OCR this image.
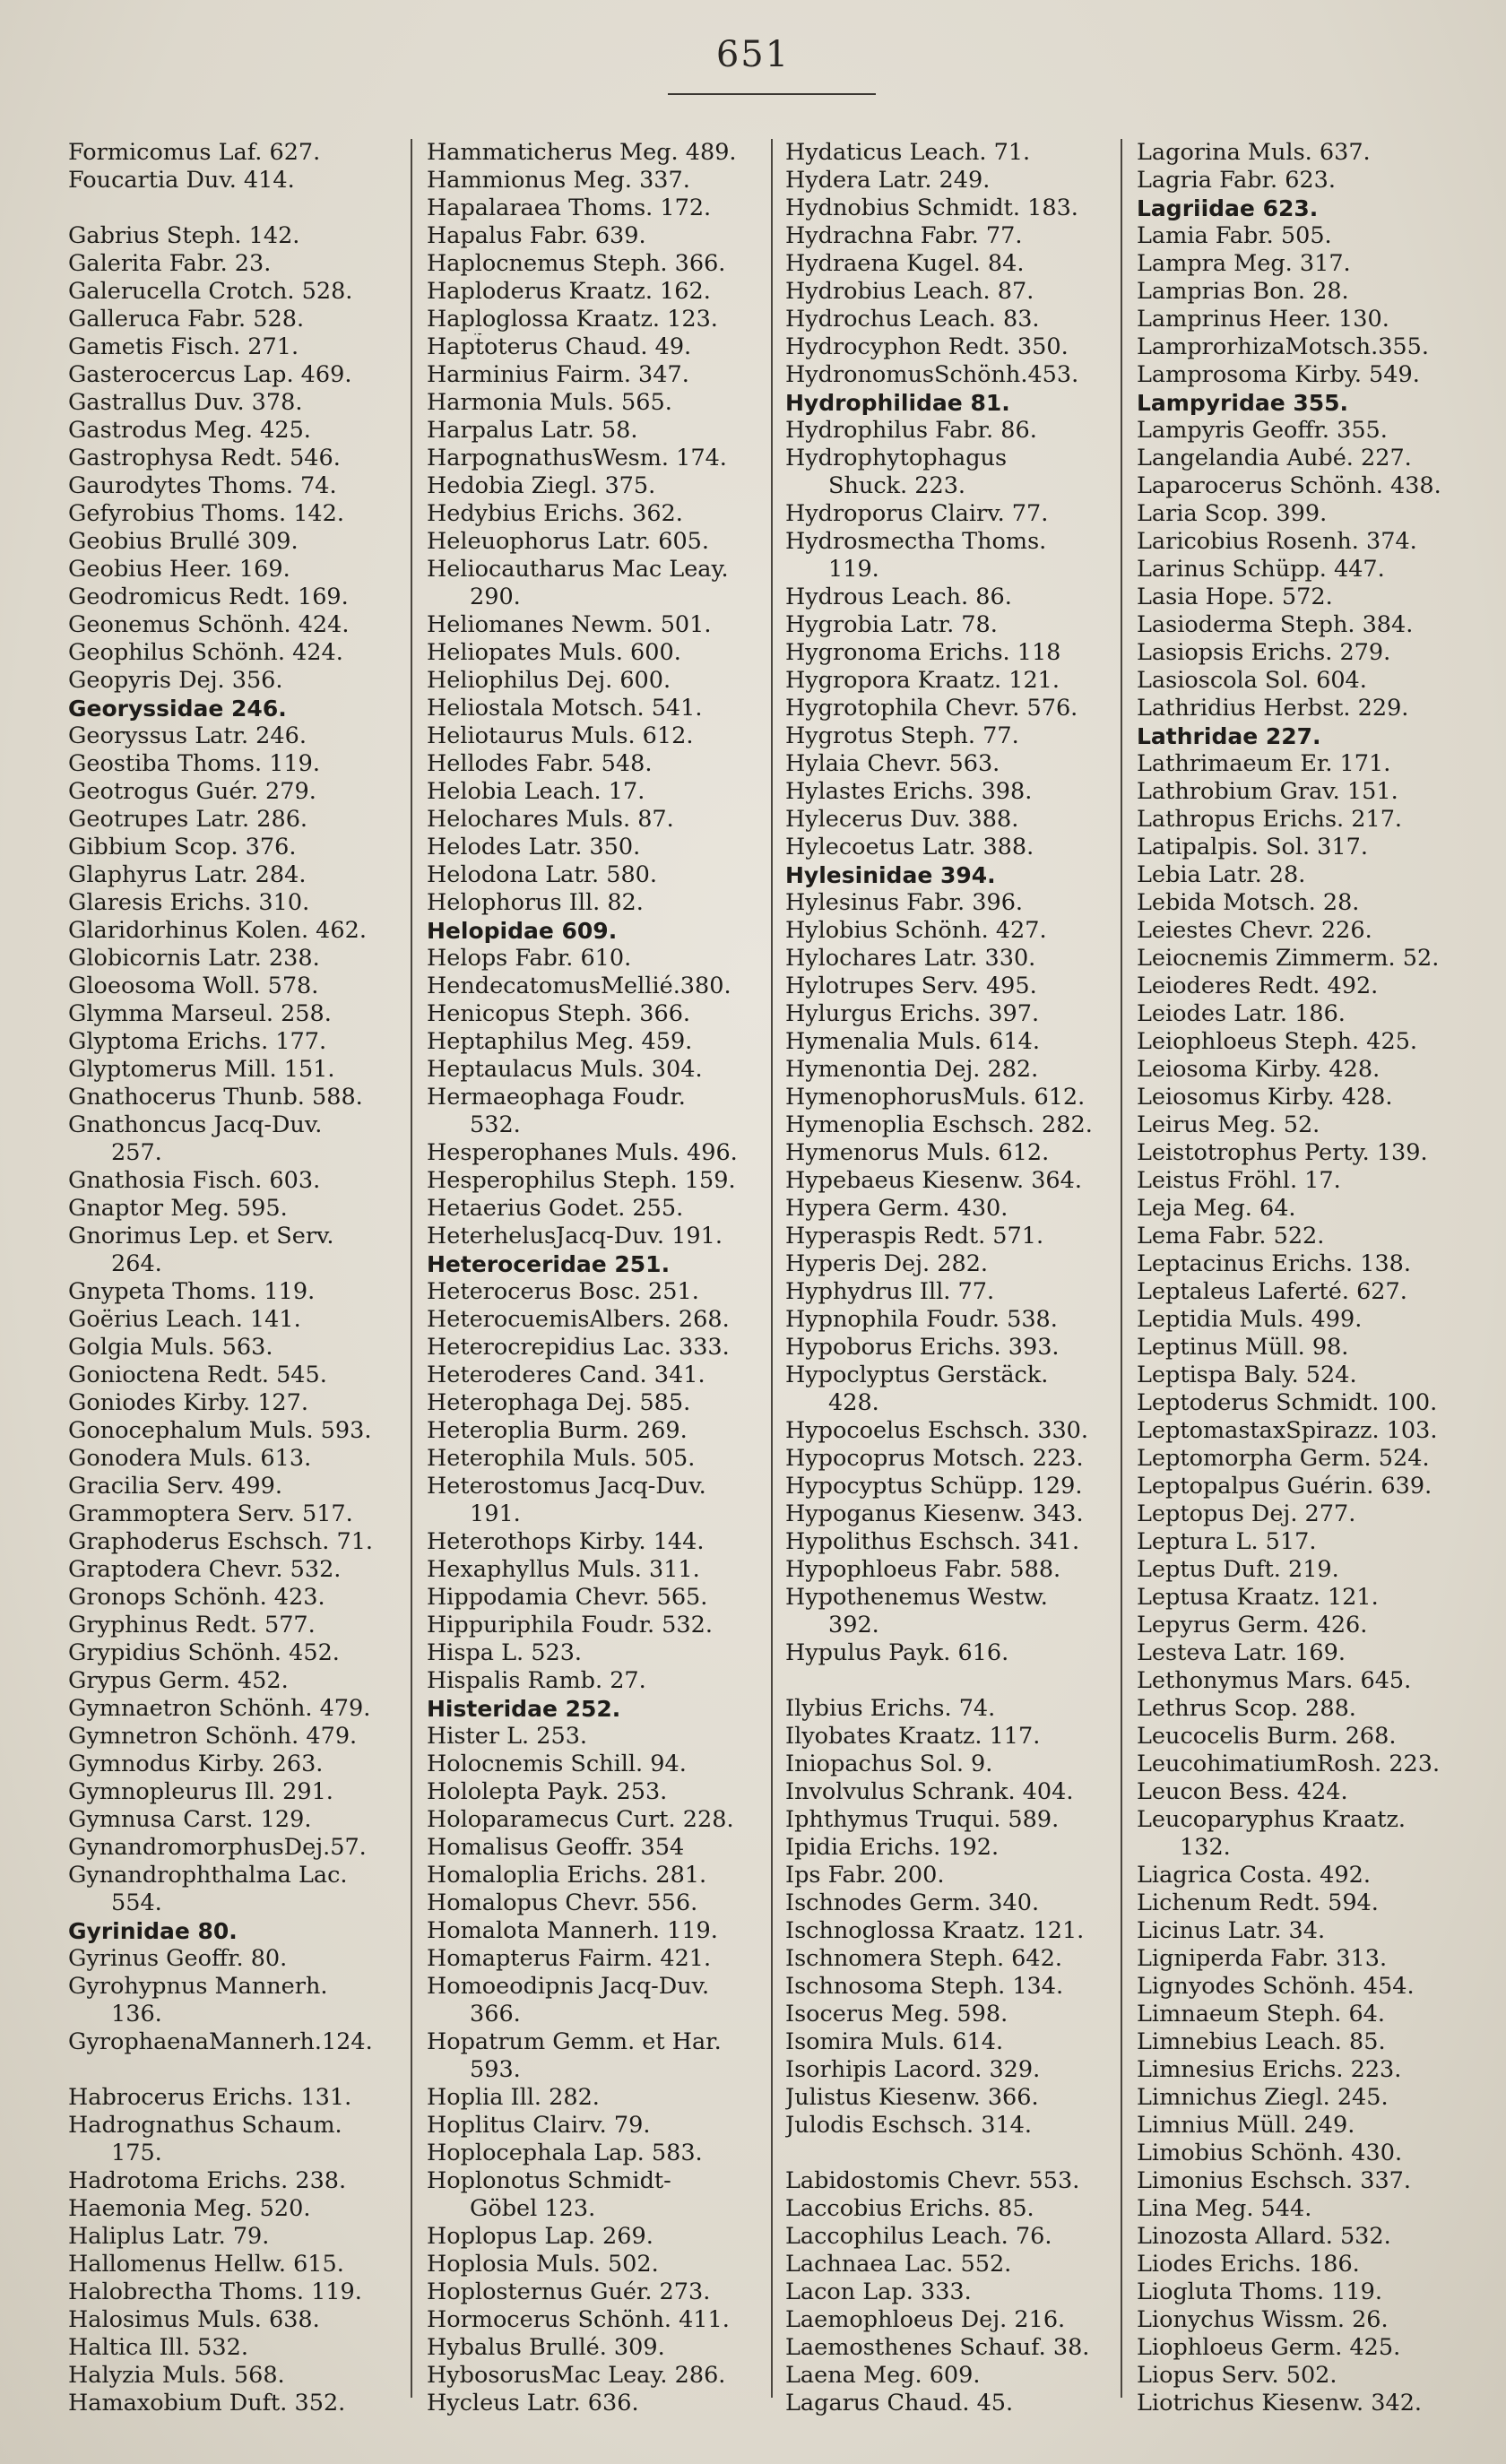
651
Formicomus Laf. 627.
Foucartia Duv. 414.
Gabrius Steph. 142.
Galerita Fabr. 23.
Galerucella Crotch. 528.
Galleruca Fabr. 528.
Gametis Fisch. 271.
Gasterocercus Lap. 469.
Gastrallus Duv. 378.
Gastrodus Meg. 425.
Gastrophysa Redt. 546.
Gaurodytes Thoms. 74.
Gefyrobius Thoms. 142.
Geobius Brullé 309.
Geobius Heer. 169.
Geodromicus Redt. 169.
Geonemus Schönh. 424.
Geophilus Schönh. 424.
Geopyris Dej. 356.
Georyssidae 246.
Georyssus Latr. 246.
Geostiba Thoms. 119.
Geotrogus Guér. 279.
Geotrupes Latr. 286.
Gibbium Scop. 376.
Glaphyrus Latr. 284.
Glaresis Erichs. 310.
Glaridorhinus Kolen. 462.
Globicornis Latr. 238.
Gloeosoma Woll. 578.
Glymma Marseul. 258.
Glyptoma Erichs. 177.
Glyptomerus Mill. 151.
Gnathocerus Thunb. 588.
Gnathoncus Jacq-Duv.
257.
Gnathosia Fisch. 603.
Gnaptor Meg. 595.
Gnorimus Lep. et Serv.
264.
Gnypeta Thoms. 119.
Goërius Leach. 141.
Golgia Muls. 563.
Gonioctena Redt. 545.
Goniodes Kirby. 127.
Gonocephalum Muls. 593.
Gonodera Muls. 613.
Gracilia Serv. 499.
Grammoptera Serv. 517.
Graphoderus Eschsch. 71.
Graptodera Chevr. 532.
Gronops Schönh. 423.
Gryphinus Redt. 577.
Grypidius Schönh. 452.
Grypus Germ. 452.
Gymnaetron Schönh. 479.
Gymnetron Schönh. 479.
Gymnodus Kirby. 263.
Gymnopleurus Ill. 291.
Gymnusa Carst. 129.
GynandromorphusDej.57.
Gynandrophthalma Lac.
554.
Gyrinidae 80.
Gyrinus Geoffr. 80.
Gyrohypnus Mannerh.
136.
GyrophaenaMannerh.124.
Habrocerus Erichs. 131.
Hadrognathus Schaum.
175.
Hadrotoma Erichs. 238.
Haemonia Meg. 520.
Haliplus Latr. 79.
Hallomenus Hellw. 615.
Halobrectha Thoms. 119.
Halosimus Muls. 638.
Haltica Ill. 532.
Halyzia Muls. 568.
Hamaxobium Duft. 352.
Hammaticherus Meg. 489.
Hammionus Meg. 337.
Hapalaraea Thoms. 172.
Hapalus Fabr. 639.
Haplocnemus Steph. 366.
Haploderus Kraatz. 162.
Haploglossa Kraatz. 123.
Hapt̃oterus Chaud. 49.
Harminius Fairm. 347.
Harmonia Muls. 565.
Harpalus Latr. 58.
HarpognathusWesm. 174.
Hedobia Ziegl. 375.
Hedybius Erichs. 362.
Heleuophorus Latr. 605.
Heliocautharus Mac Leay.
290.
Heliomanes Newm. 501.
Heliopates Muls. 600.
Heliophilus Dej. 600.
Heliostala Motsch. 541.
Heliotaurus Muls. 612.
Hellodes Fabr. 548.
Helobia Leach. 17.
Helochares Muls. 87.
Helodes Latr. 350.
Helodona Latr. 580.
Helophorus Ill. 82.
Helopidae 609.
Helops Fabr. 610.
HendecatomusMellié.380.
Henicopus Steph. 366.
Heptaphilus Meg. 459.
Heptaulacus Muls. 304.
Hermaeophaga Foudr.
532.
Hesperophanes Muls. 496.
Hesperophilus Steph. 159.
Hetaerius Godet. 255.
HeterhelusJacq-Duv. 191.
Heteroceridae 251.
Heterocerus Bosc. 251.
HeterocuemisAlbers. 268.
Heterocrepidius Lac. 333.
Heteroderes Cand. 341.
Heterophaga Dej. 585.
Heteroplia Burm. 269.
Heterophila Muls. 505.
Heterostomus Jacq-Duv.
191.
Heterothops Kirby. 144.
Hexaphyllus Muls. 311.
Hippodamia Chevr. 565.
Hippuriphila Foudr. 532.
Hispa L. 523.
Hispalis Ramb. 27.
Histeridae 252.
Hister L. 253.
Holocnemis Schill. 94.
Hololepta Payk. 253.
Holoparamecus Curt. 228.
Homalisus Geoffr. 354
Homaloplia Erichs. 281.
Homalopus Chevr. 556.
Homalota Mannerh. 119.
Homapterus Fairm. 421.
Homoeodipnis Jacq-Duv.
366.
Hopatrum Gemm. et Har.
593.
Hoplia Ill. 282.
Hoplitus Clairv. 79.
Hoplocephala Lap. 583.
Hoplonotus Schmidt-
Göbel 123.
Hoplopus Lap. 269.
Hoplosia Muls. 502.
Hoplosternus Guér. 273.
Hormocerus Schönh. 411.
Hybalus Brullé. 309.
HybosorusMac Leay. 286.
Hycleus Latr. 636.
Hydaticus Leach. 71.
Hydera Latr. 249.
Hydnobius Schmidt. 183.
Hydrachna Fabr. 77.
Hydraena Kugel. 84.
Hydrobius Leach. 87.
Hydrochus Leach. 83.
Hydrocyphon Redt. 350.
HydronomusSchönh.453.
Hydrophilidae 81.
Hydrophilus Fabr. 86.
Hydrophytophagus
Shuck. 223.
Hydroporus Clairv. 77.
Hydrosmectha Thoms.
119.
Hydrous Leach. 86.
Hygrobia Latr. 78.
Hygronoma Erichs. 118
Hygropora Kraatz. 121.
Hygrotophila Chevr. 576.
Hygrotus Steph. 77.
Hylaia Chevr. 563.
Hylastes Erichs. 398.
Hylecerus Duv. 388.
Hylecoetus Latr. 388.
Hylesinidae 394.
Hylesinus Fabr. 396.
Hylobius Schönh. 427.
Hylochares Latr. 330.
Hylotrupes Serv. 495.
Hylurgus Erichs. 397.
Hymenalia Muls. 614.
Hymenontia Dej. 282.
HymenophorusMuls. 612.
Hymenoplia Eschsch. 282.
Hymenorus Muls. 612.
Hypebaeus Kiesenw. 364.
Hypera Germ. 430.
Hyperaspis Redt. 571.
Hyperis Dej. 282.
Hyphydrus Ill. 77.
Hypnophila Foudr. 538.
Hypoborus Erichs. 393.
Hypoclyptus Gerstäck.
428.
Hypocoelus Eschsch. 330.
Hypocoprus Motsch. 223.
Hypocyptus Schüpp. 129.
Hypoganus Kiesenw. 343.
Hypolithus Eschsch. 341.
Hypophloeus Fabr. 588.
Hypothenemus Westw.
392.
Hypulus Payk. 616.
Ilybius Erichs. 74.
Ilyobates Kraatz. 117.
Iniopachus Sol. 9.
Involvulus Schrank. 404.
Iphthymus Truqui. 589.
Ipidia Erichs. 192.
Ips Fabr. 200.
Ischnodes Germ. 340.
Ischnoglossa Kraatz. 121.
Ischnomera Steph. 642.
Ischnosoma Steph. 134.
Isocerus Meg. 598.
Isomira Muls. 614.
Isorhipis Lacord. 329.
Julistus Kiesenw. 366.
Julodis Eschsch. 314.
Labidostomis Chevr. 553.
Laccobius Erichs. 85.
Laccophilus Leach. 76.
Lachnaea Lac. 552.
Lacon Lap. 333.
Laemophloeus Dej. 216.
Laemosthenes Schauf. 38.
Laena Meg. 609.
Lagarus Chaud. 45.
Lagorina Muls. 637.
Lagria Fabr. 623.
Lagriidae 623.
Lamia Fabr. 505.
Lampra Meg. 317.
Lamprias Bon. 28.
Lamprinus Heer. 130.
LamprorhizaMotsch.355.
Lamprosoma Kirby. 549.
Lampyridae 355.
Lampyris Geoffr. 355.
Langelandia Aubé. 227.
Laparocerus Schönh. 438.
Laria Scop. 399.
Laricobius Rosenh. 374.
Larinus Schüpp. 447.
Lasia Hope. 572.
Lasioderma Steph. 384.
Lasiopsis Erichs. 279.
Lasioscola Sol. 604.
Lathridius Herbst. 229.
Lathridae 227.
Lathrimaeum Er. 171.
Lathrobium Grav. 151.
Lathropus Erichs. 217.
Latipalpis. Sol. 317.
Lebia Latr. 28.
Lebida Motsch. 28.
Leiestes Chevr. 226.
Leiocnemis Zimmerm. 52.
Leioderes Redt. 492.
Leiodes Latr. 186.
Leiophloeus Steph. 425.
Leiosoma Kirby. 428.
Leiosomus Kirby. 428.
Leirus Meg. 52.
Leistotrophus Perty. 139.
Leistus Fröhl. 17.
Leja Meg. 64.
Lema Fabr. 522.
Leptacinus Erichs. 138.
Leptaleus Laferté. 627.
Leptidia Muls. 499.
Leptinus Müll. 98.
Leptispa Baly. 524.
Leptoderus Schmidt. 100.
LeptomastaxSpirazz. 103.
Leptomorpha Germ. 524.
Leptopalpus Guérin. 639.
Leptopus Dej. 277.
Leptura L. 517.
Leptus Duft. 219.
Leptusa Kraatz. 121.
Lepyrus Germ. 426.
Lesteva Latr. 169.
Lethonymus Mars. 645.
Lethrus Scop. 288.
Leucocelis Burm. 268.
LeucohimatiumRosh. 223.
Leucon Bess. 424.
Leucoparyphus Kraatz.
132.
Liagrica Costa. 492.
Lichenum Redt. 594.
Licinus Latr. 34.
Ligniperda Fabr. 313.
Lignyodes Schönh. 454.
Limnaeum Steph. 64.
Limnebius Leach. 85.
Limnesius Erichs. 223.
Limnichus Ziegl. 245.
Limnius Müll. 249.
Limobius Schönh. 430.
Limonius Eschsch. 337.
Lina Meg. 544.
Linozosta Allard. 532.
Liodes Erichs. 186.
Liogluta Thoms. 119.
Lionychus Wissm. 26.
Liophloeus Germ. 425.
Liopus Serv. 502.
Liotrichus Kiesenw. 342.
